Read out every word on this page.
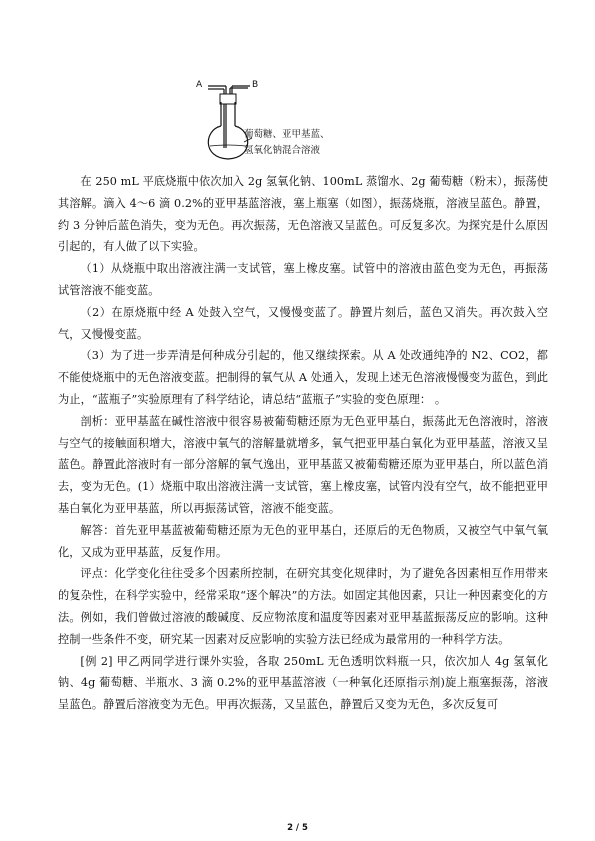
A	B
葡萄糖、亚甲基蓝、
氢氧化钠混合溶液

在 250 mL 平底烧瓶中依次加入 2g 氢氧化钠、100mL 蒸馏水、2g 葡萄糖（粉末），振荡使其溶解。滴入 4～6 滴 0.2%的亚甲基蓝溶液，塞上瓶塞（如图），振荡烧瓶，溶液呈蓝色。静置，约 3 分钟后蓝色消失，变为无色。再次振荡，无色溶液又呈蓝色。可反复多次。为探究是什么原因引起的，有人做了以下实验。

（1）从烧瓶中取出溶液注满一支试管，塞上橡皮塞。试管中的溶液由蓝色变为无色，再振荡试管溶液不能变蓝。

（2）在原烧瓶中经 A 处鼓入空气，又慢慢变蓝了。静置片刻后，蓝色又消失。再次鼓入空气，又慢慢变蓝。

（3）为了进一步弄清是何种成分引起的，他又继续探索。从 A 处改通纯净的 N2、CO2，都不能使烧瓶中的无色溶液变蓝。把制得的氧气从 A 处通入，发现上述无色溶液慢慢变为蓝色，到此为止，“蓝瓶子”实验原理有了科学结论，请总结“蓝瓶子”实验的变色原理： 。

剖析：亚甲基蓝在碱性溶液中很容易被葡萄糖还原为无色亚甲基白，振荡此无色溶液时，溶液与空气的接触面积增大，溶液中氧气的溶解量就增多，氧气把亚甲基白氧化为亚甲基蓝，溶液又呈蓝色。静置此溶液时有一部分溶解的氧气逸出，亚甲基蓝又被葡萄糖还原为亚甲基白，所以蓝色消去，变为无色。(1）烧瓶中取出溶液注满一支试管，塞上橡皮塞，试管内没有空气，故不能把亚甲基白氧化为亚甲基蓝，所以再振荡试管，溶液不能变蓝。

解答：首先亚甲基蓝被葡萄糖还原为无色的亚甲基白，还原后的无色物质，又被空气中氧气氧化，又成为亚甲基蓝，反复作用。

评点：化学变化往往受多个因素所控制，在研究其变化规律时，为了避免各因素相互作用带来的复杂性，在科学实验中，经常采取“逐个解决”的方法。如固定其他因素，只让一种因素变化的方法。例如，我们曾做过溶液的酸碱度、反应物浓度和温度等因素对亚甲基蓝振荡反应的影响。这种控制一些条件不变，研究某一因素对反应影响的实验方法已经成为最常用的一种科学方法。

[例 2] 甲乙两同学进行课外实验，各取 250mL 无色透明饮料瓶一只，依次加人 4g 氢氧化钠、4g 葡萄糖、半瓶水、3 滴 0.2%的亚甲基蓝溶液（一种氧化还原指示剂)旋上瓶塞振荡，溶液呈蓝色。静置后溶液变为无色。甲再次振荡，又呈蓝色，静置后又变为无色，多次反复可

2 / 5
